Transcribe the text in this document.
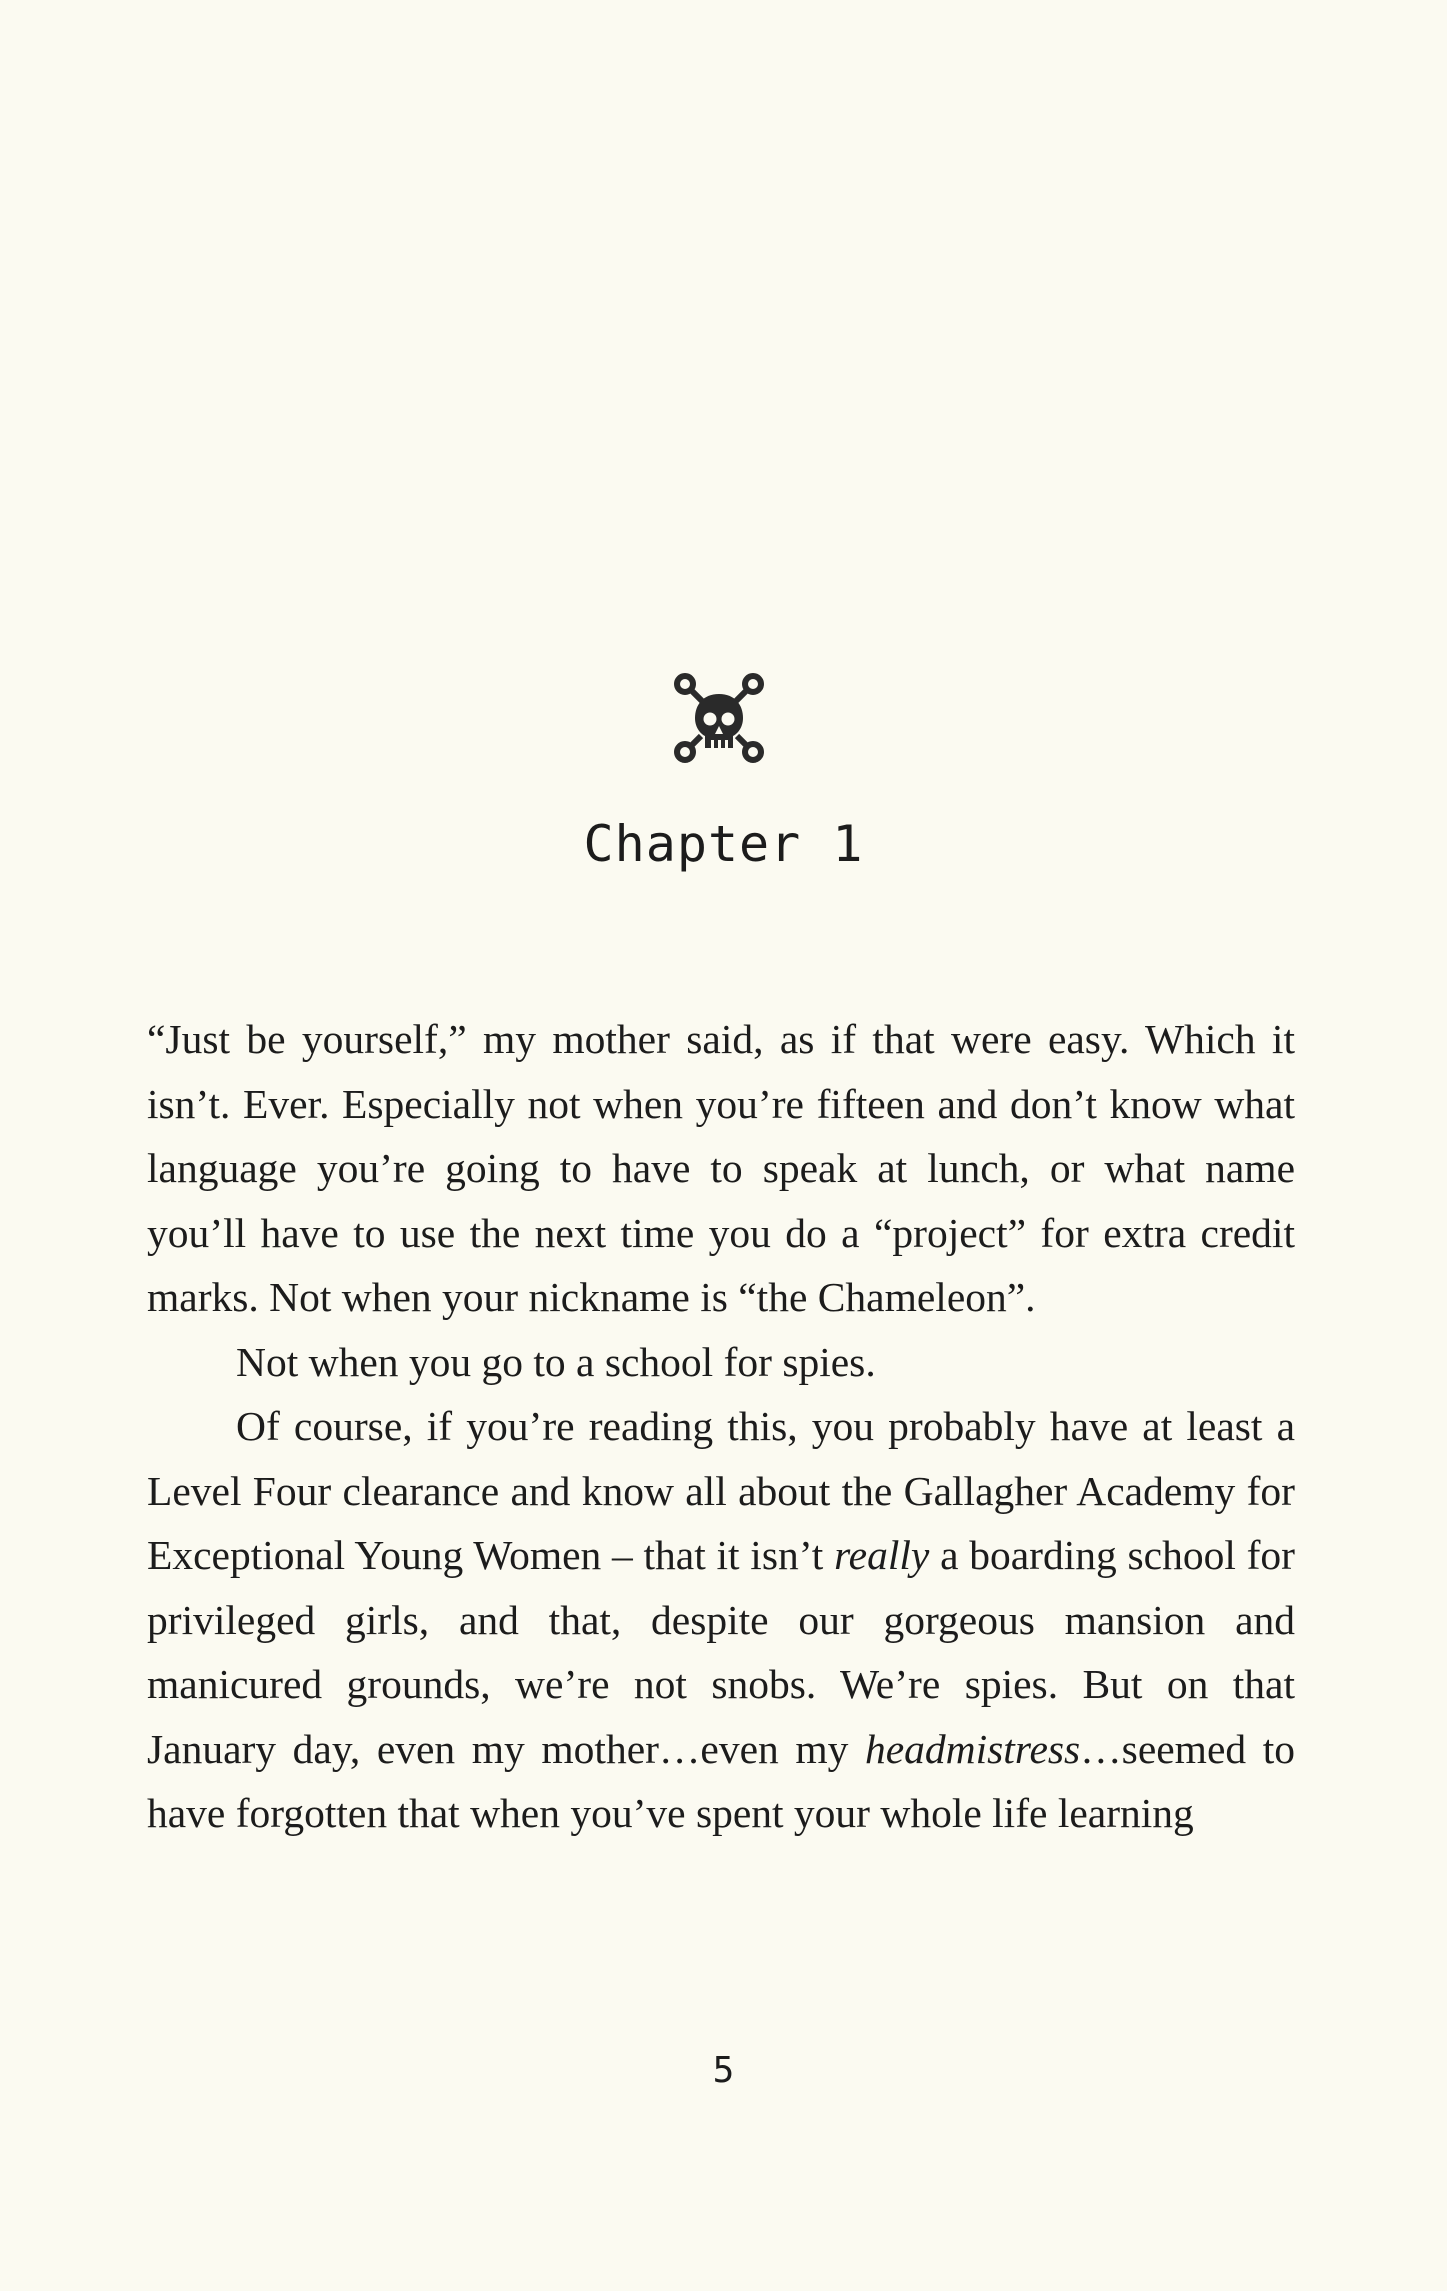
Chapter 1

“Just be yourself,” my mother said, as if that were easy. Which it isn’t. Ever. Especially not when you’re fifteen and don’t know what language you’re going to have to speak at lunch, or what name you’ll have to use the next time you do a “project” for extra credit marks. Not when your nickname is “the Chameleon”.

Not when you go to a school for spies.

Of course, if you’re reading this, you probably have at least a Level Four clearance and know all about the Gallagher Academy for Exceptional Young Women – that it isn’t really a boarding school for privileged girls, and that, despite our gorgeous mansion and manicured grounds, we’re not snobs. We’re spies. But on that January day, even my mother…even my headmistress…seemed to have forgotten that when you’ve spent your whole life learning

5
